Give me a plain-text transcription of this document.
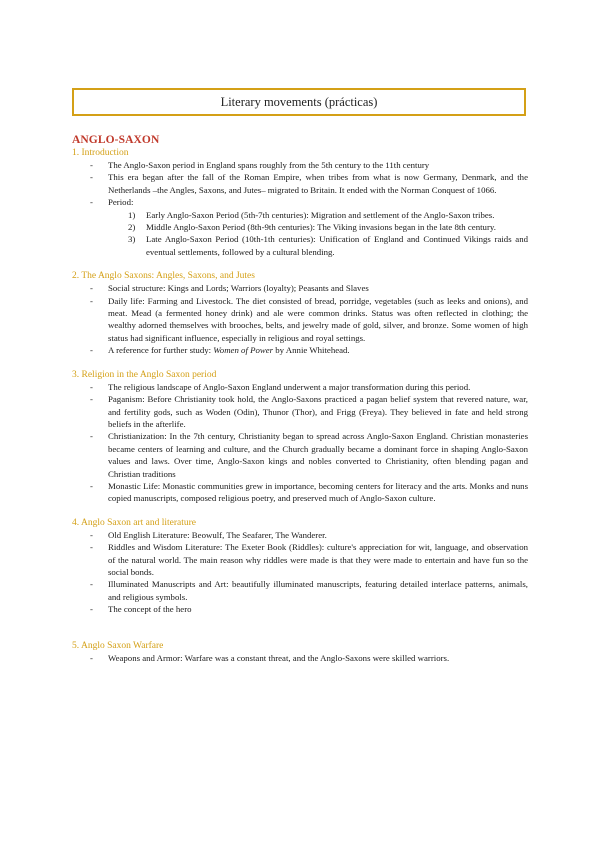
Literary movements (prácticas)
ANGLO-SAXON
1. Introduction
- The Anglo-Saxon period in England spans roughly from the 5th century to the 11th century
- This era began after the fall of the Roman Empire, when tribes from what is now Germany, Denmark, and the Netherlands –the Angles, Saxons, and Jutes– migrated to Britain. It ended with the Norman Conquest of 1066.
- Period:
1) Early Anglo-Saxon Period (5th-7th centuries): Migration and settlement of the Anglo-Saxon tribes.
2) Middle Anglo-Saxon Period (8th-9th centuries): The Viking invasions began in the late 8th century.
3) Late Anglo-Saxon Period (10th-1th centuries): Unification of England and Continued Vikings raids and eventual settlements, followed by a cultural blending.
2. The Anglo Saxons: Angles, Saxons, and Jutes
- Social structure: Kings and Lords; Warriors (loyalty); Peasants and Slaves
- Daily life: Farming and Livestock. The diet consisted of bread, porridge, vegetables (such as leeks and onions), and meat. Mead (a fermented honey drink) and ale were common drinks. Status was often reflected in clothing; the wealthy adorned themselves with brooches, belts, and jewelry made of gold, silver, and bronze. Some women of high status had significant influence, especially in religious and royal settings.
- A reference for further study: Women of Power by Annie Whitehead.
3. Religion in the Anglo Saxon period
- The religious landscape of Anglo-Saxon England underwent a major transformation during this period.
- Paganism: Before Christianity took hold, the Anglo-Saxons practiced a pagan belief system that revered nature, war, and fertility gods, such as Woden (Odin), Thunor (Thor), and Frigg (Freya). They believed in fate and held strong beliefs in the afterlife.
- Christianization: In the 7th century, Christianity began to spread across Anglo-Saxon England. Christian monasteries became centers of learning and culture, and the Church gradually became a dominant force in shaping Anglo-Saxon values and laws. Over time, Anglo-Saxon kings and nobles converted to Christianity, often blending pagan and Christian traditions
- Monastic Life: Monastic communities grew in importance, becoming centers for literacy and the arts. Monks and nuns copied manuscripts, composed religious poetry, and preserved much of Anglo-Saxon culture.
4. Anglo Saxon art and literature
- Old English Literature: Beowulf, The Seafarer, The Wanderer.
- Riddles and Wisdom Literature: The Exeter Book (Riddles): culture's appreciation for wit, language, and observation of the natural world. The main reason why riddles were made is that they were made to entertain and have fun so the social bonds.
- Illuminated Manuscripts and Art: beautifully illuminated manuscripts, featuring detailed interlace patterns, animals, and religious symbols.
- The concept of the hero
5. Anglo Saxon Warfare
- Weapons and Armor: Warfare was a constant threat, and the Anglo-Saxons were skilled warriors.
